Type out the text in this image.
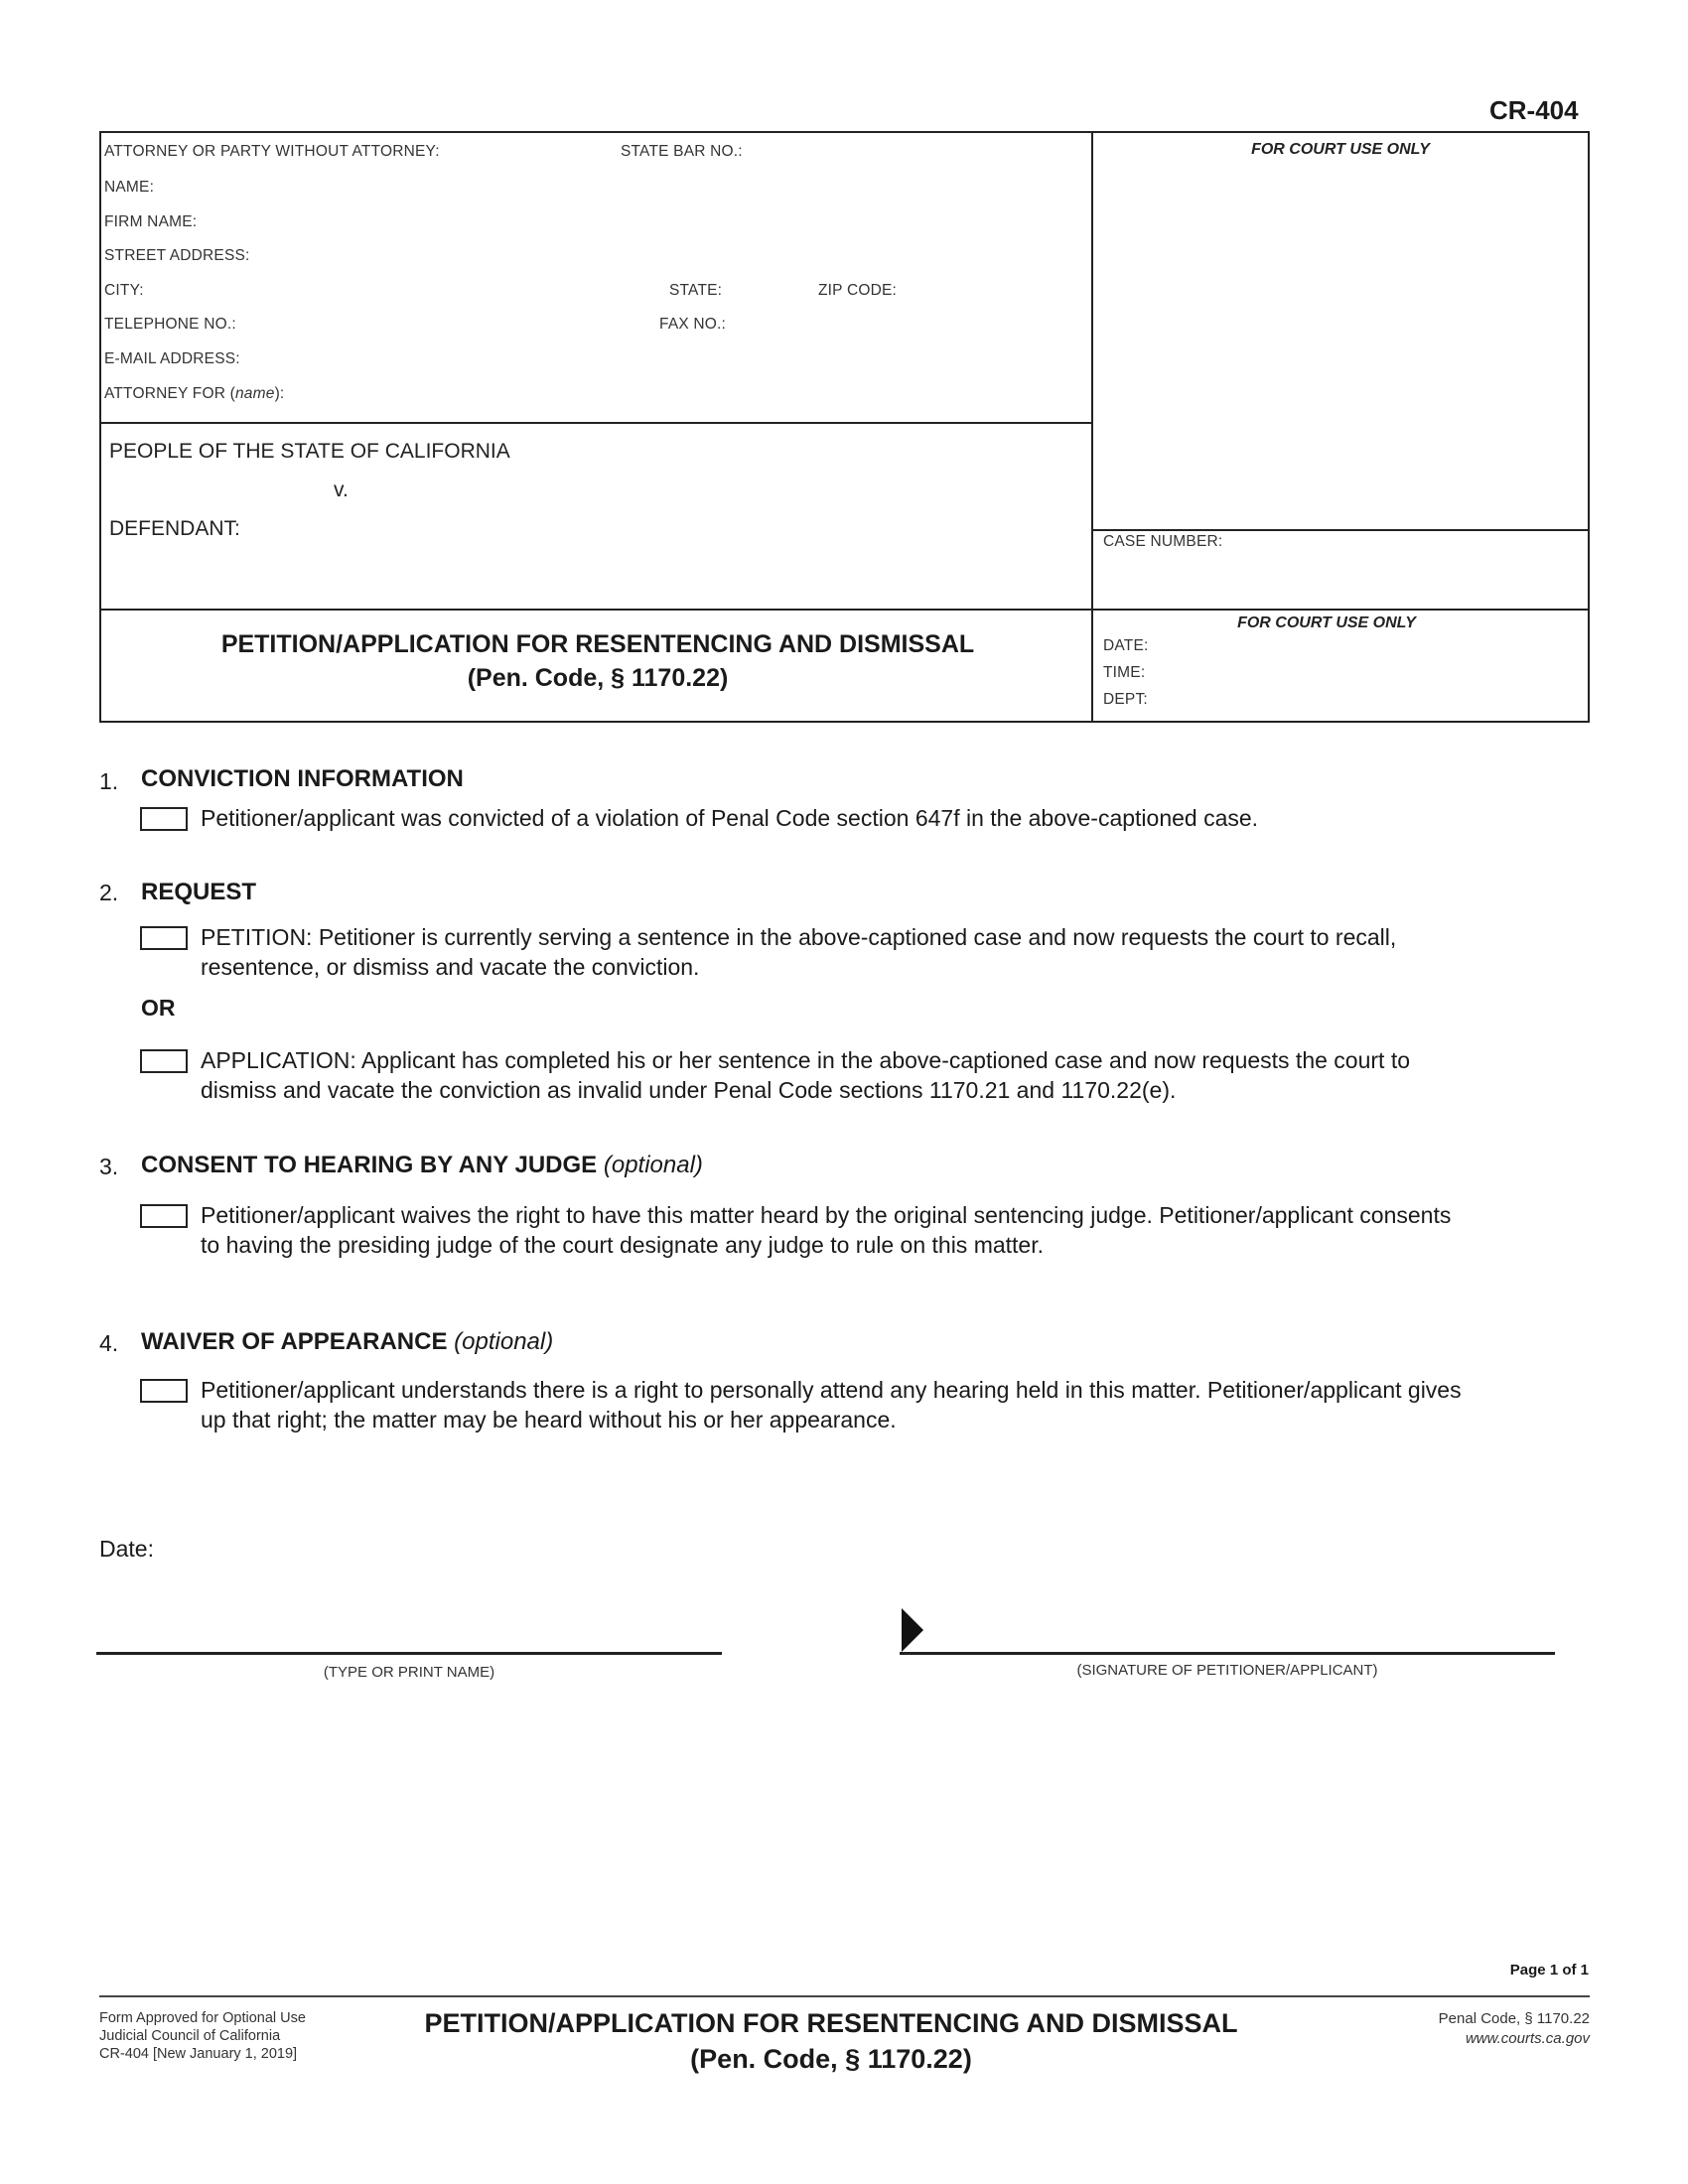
CR-404
ATTORNEY OR PARTY WITHOUT ATTORNEY:	STATE BAR NO.:
NAME:
FIRM NAME:
STREET ADDRESS:
CITY:	STATE:	ZIP CODE:
TELEPHONE NO.:	FAX NO.:
E-MAIL ADDRESS:
ATTORNEY FOR (name):
FOR COURT USE ONLY
PEOPLE OF THE STATE OF CALIFORNIA
v.
DEFENDANT:
CASE NUMBER:
PETITION/APPLICATION FOR RESENTENCING AND DISMISSAL
(Pen. Code, § 1170.22)
FOR COURT USE ONLY
DATE:
TIME:
DEPT:
1. CONVICTION INFORMATION
Petitioner/applicant was convicted of a violation of Penal Code section 647f in the above-captioned case.
2. REQUEST
PETITION: Petitioner is currently serving a sentence in the above-captioned case and now requests the court to recall,
resentence, or dismiss and vacate the conviction.
OR
APPLICATION: Applicant has completed his or her sentence in the above-captioned case and now requests the court to
dismiss and vacate the conviction as invalid under Penal Code sections 1170.21 and 1170.22(e).
3. CONSENT TO HEARING BY ANY JUDGE (optional)
Petitioner/applicant waives the right to have this matter heard by the original sentencing judge. Petitioner/applicant consents
to having the presiding judge of the court designate any judge to rule on this matter.
4. WAIVER OF APPEARANCE (optional)
Petitioner/applicant understands there is a right to personally attend any hearing held in this matter. Petitioner/applicant gives
up that right; the matter may be heard without his or her appearance.
Date:
(TYPE OR PRINT NAME)	(SIGNATURE OF PETITIONER/APPLICANT)
Page 1 of 1
Form Approved for Optional Use
Judicial Council of California
CR-404 [New January 1, 2019]
PETITION/APPLICATION FOR RESENTENCING AND DISMISSAL
(Pen. Code, § 1170.22)
Penal Code, § 1170.22
www.courts.ca.gov
